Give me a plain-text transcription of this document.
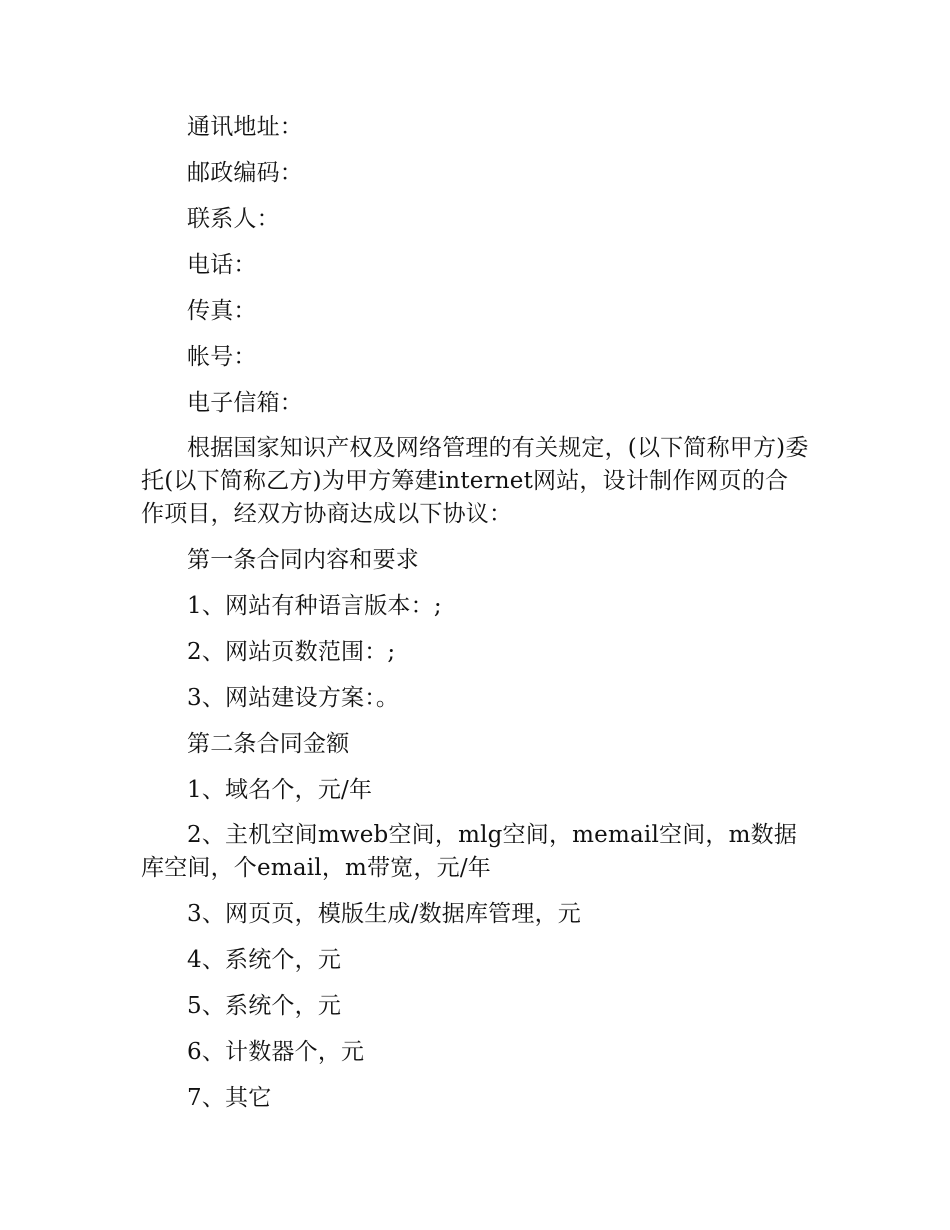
通讯地址：

邮政编码：

联系人：

电话：

传真：

帐号：

电子信箱：

根据国家知识产权及网络管理的有关规定，(以下简称甲方)委托(以下简称乙方)为甲方筹建internet网站，设计制作网页的合作项目，经双方协商达成以下协议：

第一条合同内容和要求

1、网站有种语言版本：;

2、网站页数范围：;

3、网站建设方案：。

第二条合同金额

1、域名个，元/年

2、主机空间mweb空间，mlg空间，memail空间，m数据库空间，个email，m带宽，元/年

3、网页页，模版生成/数据库管理，元

4、系统个，元

5、系统个，元

6、计数器个，元

7、其它
